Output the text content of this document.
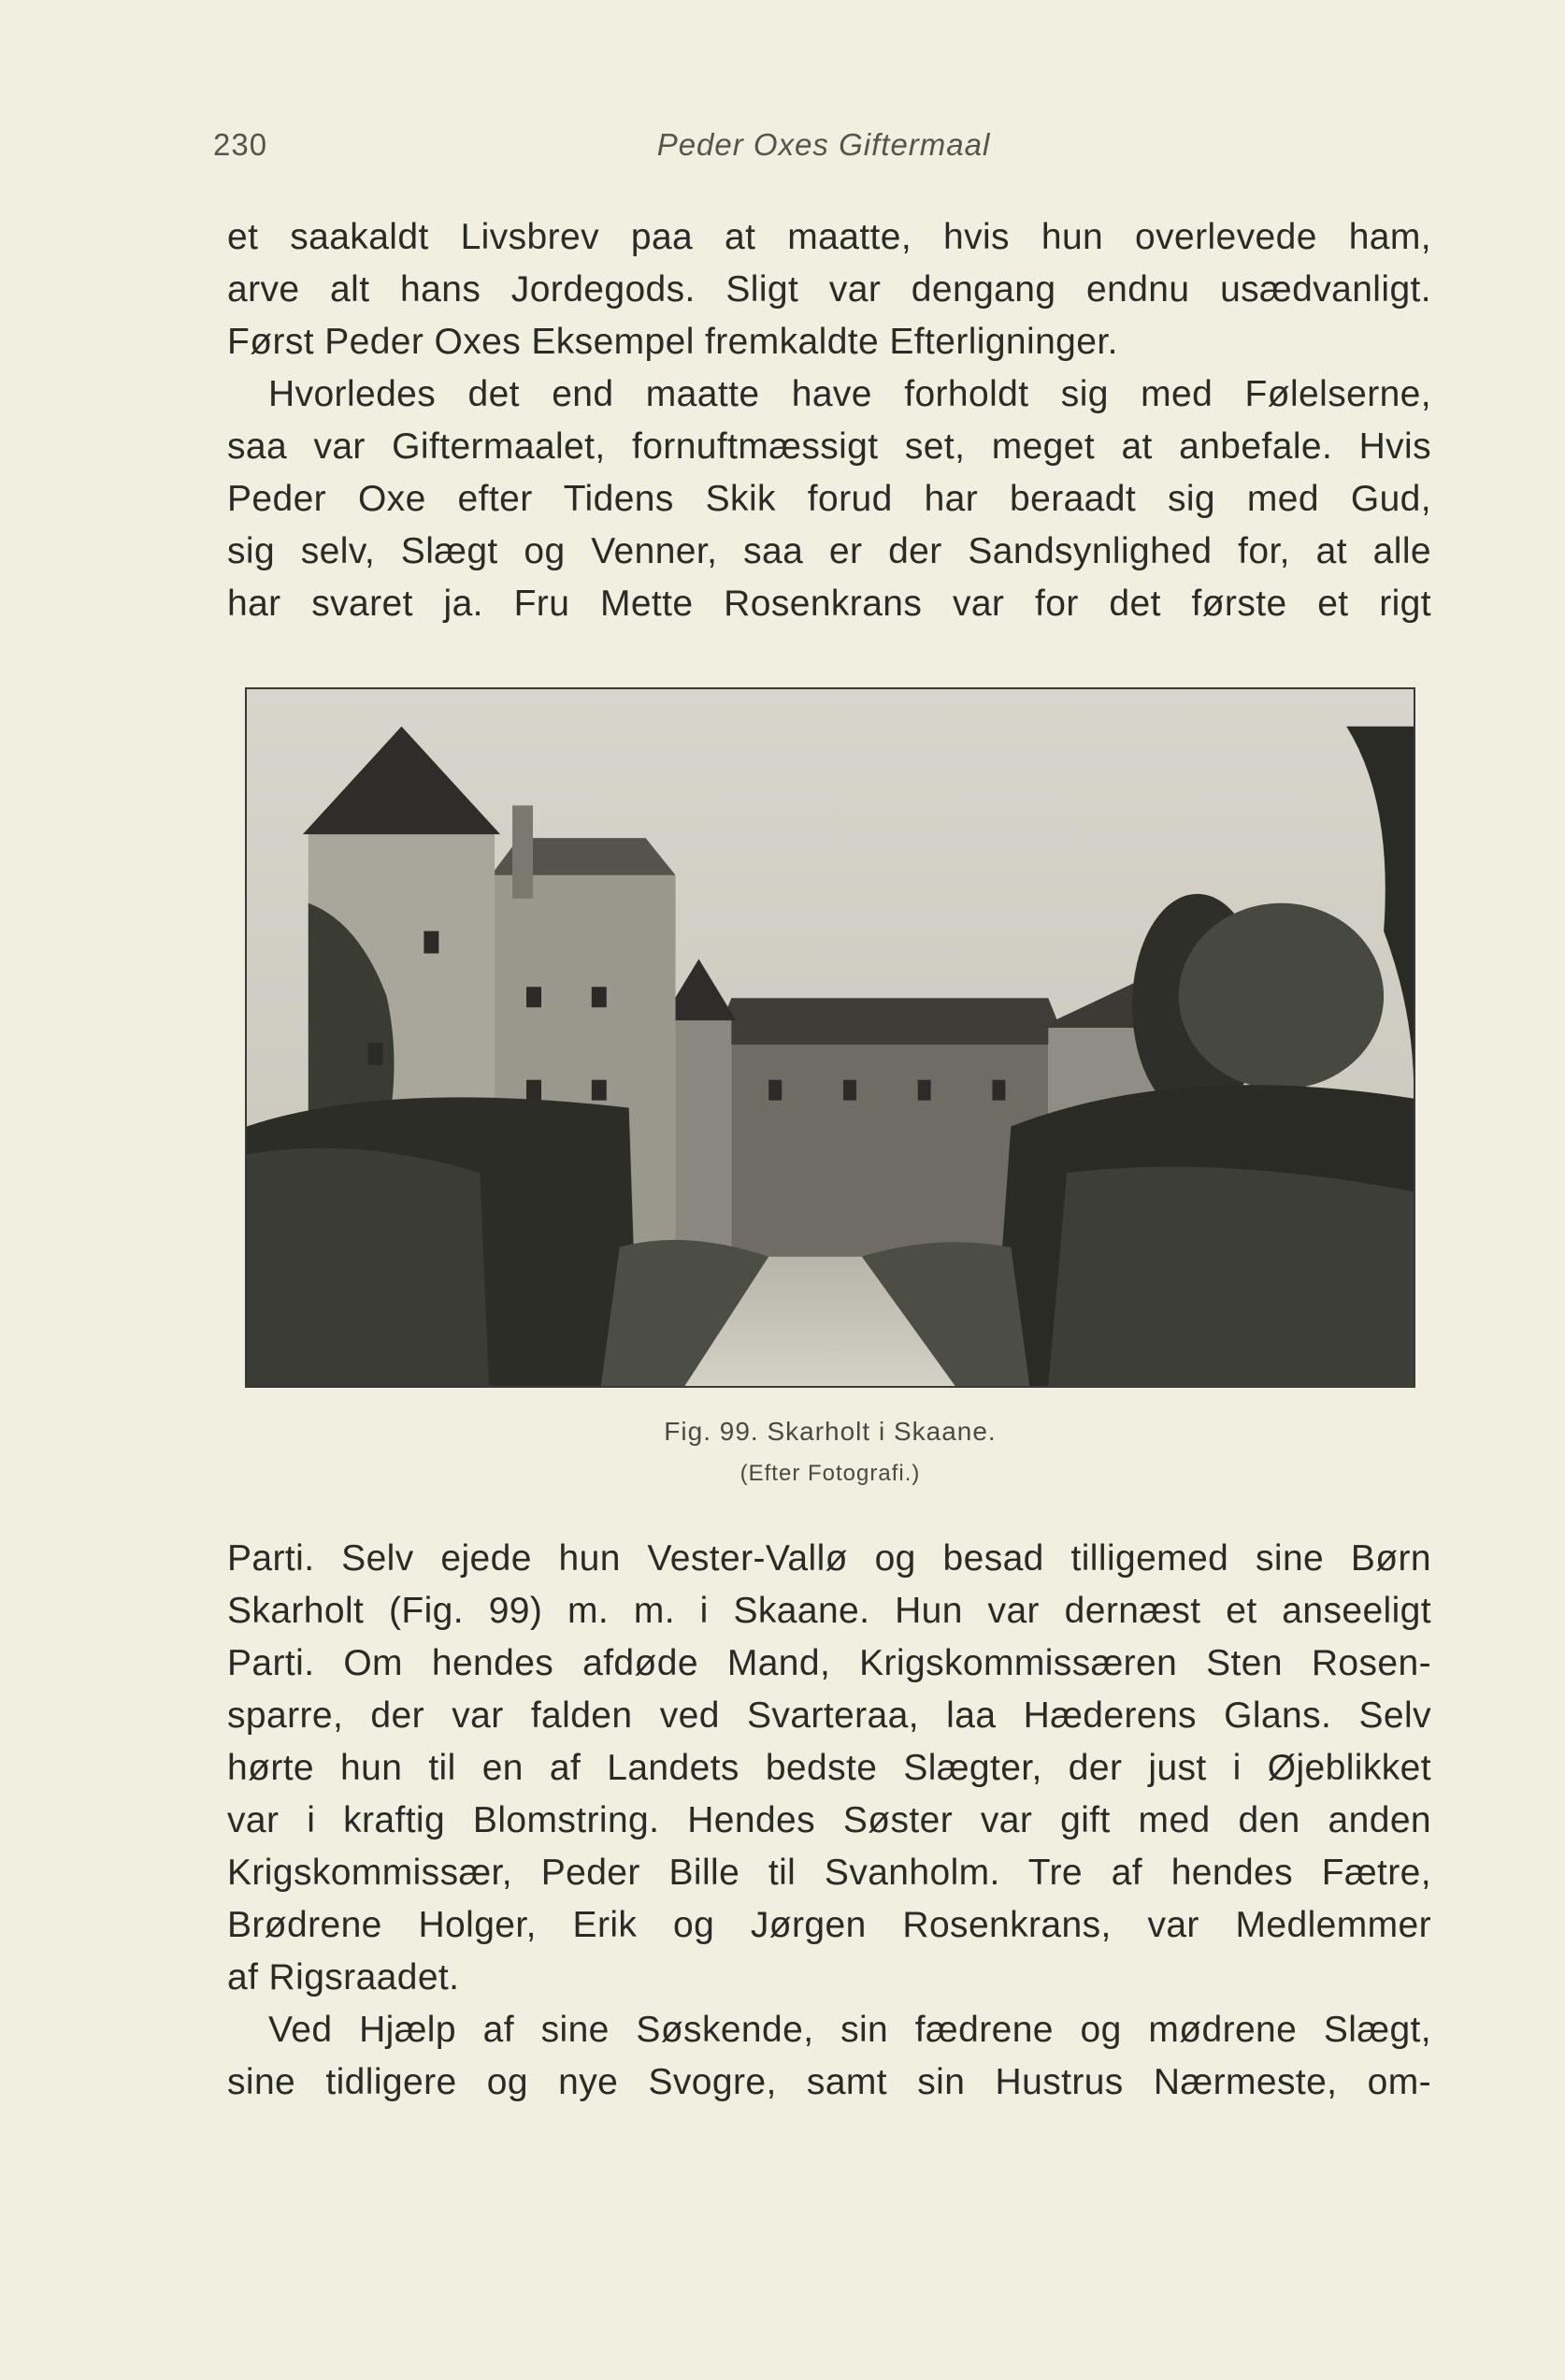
230	Peder Oxes Giftermaal
et saakaldt Livsbrev paa at maatte, hvis hun overlevede ham,
arve alt hans Jordegods. Sligt var dengang endnu usædvanligt.
Først Peder Oxes Eksempel fremkaldte Efterligninger.
Hvorledes det end maatte have forholdt sig med Følelserne,
saa var Giftermaalet, fornuftmæssigt set, meget at anbefale. Hvis
Peder Oxe efter Tidens Skik forud har beraadt sig med Gud,
sig selv, Slægt og Venner, saa er der Sandsynlighed for, at alle
har svaret ja. Fru Mette Rosenkrans var for det første et rigt
Fig. 99. Skarholt i Skaane.
(Efter Fotografi.)
Parti. Selv ejede hun Vester-Vallø og besad tilligemed sine Børn
Skarholt (Fig. 99) m. m. i Skaane. Hun var dernæst et anseeligt
Parti. Om hendes afdøde Mand, Krigskommissæren Sten Rosen-
sparre, der var falden ved Svarteraa, laa Hæderens Glans. Selv
hørte hun til en af Landets bedste Slægter, der just i Øjeblikket
var i kraftig Blomstring. Hendes Søster var gift med den anden
Krigskommissær, Peder Bille til Svanholm. Tre af hendes Fætre,
Brødrene Holger, Erik og Jørgen Rosenkrans, var Medlemmer
af Rigsraadet.
Ved Hjælp af sine Søskende, sin fædrene og mødrene Slægt,
sine tidligere og nye Svogre, samt sin Hustrus Nærmeste, om-
